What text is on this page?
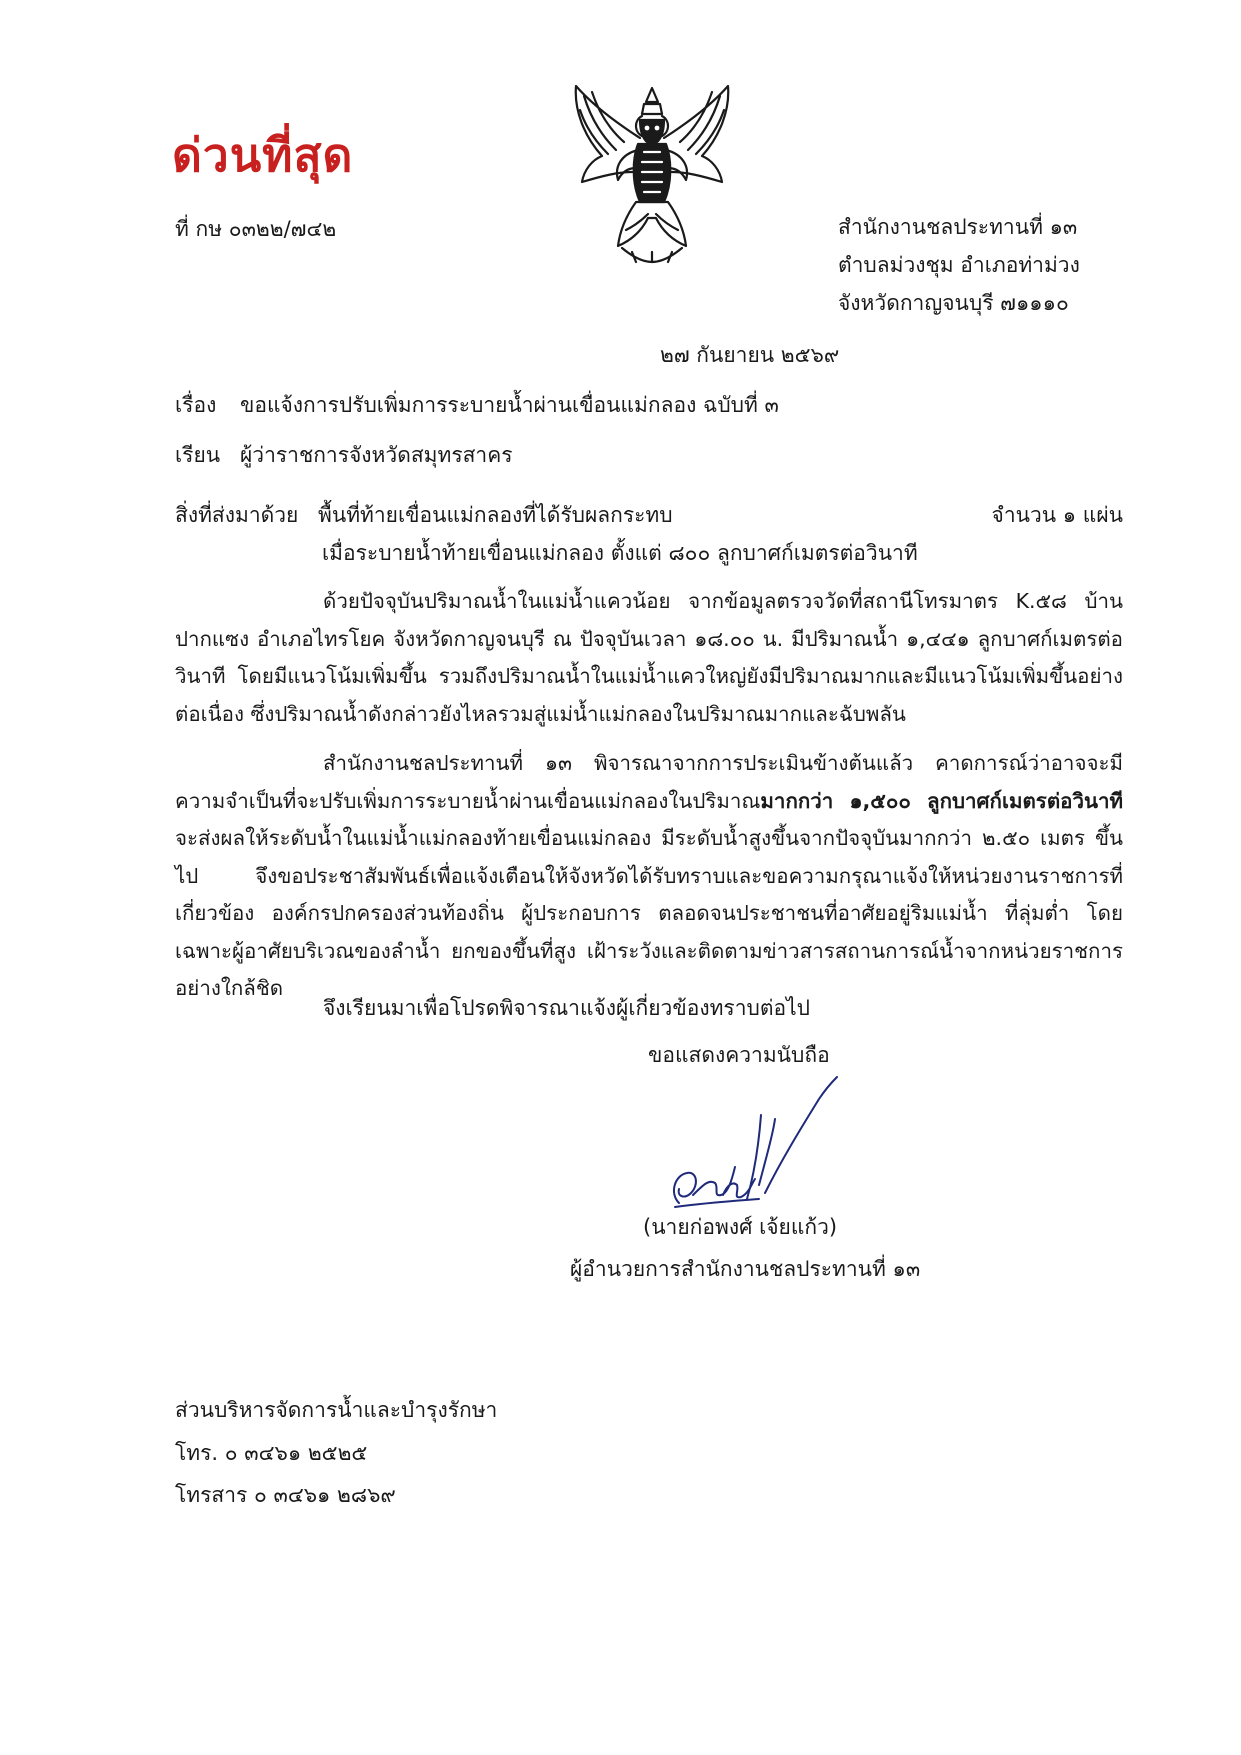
ด่วนที่สุด
ที่ กษ ๐๓๒๒/๗๔๒	สำนักงานชลประทานที่ ๑๓
ตำบลม่วงชุม อำเภอท่าม่วง
จังหวัดกาญจนบุรี ๗๑๑๑๐
๒๗ กันยายน ๒๕๖๙
เรื่อง ขอแจ้งการปรับเพิ่มการระบายน้ำผ่านเขื่อนแม่กลอง ฉบับที่ ๓
เรียน ผู้ว่าราชการจังหวัดสมุทรสาคร
สิ่งที่ส่งมาด้วย พื้นที่ท้ายเขื่อนแม่กลองที่ได้รับผลกระทบ	จำนวน ๑ แผ่น
เมื่อระบายน้ำท้ายเขื่อนแม่กลอง ตั้งแต่ ๘๐๐ ลูกบาศก์เมตรต่อวินาที

ด้วยปัจจุบันปริมาณน้ำในแม่น้ำแควน้อย จากข้อมูลตรวจวัดที่สถานีโทรมาตร K.๕๘ บ้านปากแซง อำเภอไทรโยค จังหวัดกาญจนบุรี ณ ปัจจุบันเวลา ๑๘.๐๐ น. มีปริมาณน้ำ ๑,๔๔๑ ลูกบาศก์เมตรต่อวินาที โดยมีแนวโน้มเพิ่มขึ้น รวมถึงปริมาณน้ำในแม่น้ำแควใหญ่ยังมีปริมาณมากและมีแนวโน้มเพิ่มขึ้นอย่างต่อเนื่อง ซึ่งปริมาณน้ำดังกล่าวยังไหลรวมสู่แม่น้ำแม่กลองในปริมาณมากและฉับพลัน

สำนักงานชลประทานที่ ๑๓ พิจารณาจากการประเมินข้างต้นแล้ว คาดการณ์ว่าอาจจะมีความจำเป็นที่จะปรับเพิ่มการระบายน้ำผ่านเขื่อนแม่กลองในปริมาณมากกว่า ๑,๕๐๐ ลูกบาศก์เมตรต่อวินาที จะส่งผลให้ระดับน้ำในแม่น้ำแม่กลองท้ายเขื่อนแม่กลอง มีระดับน้ำสูงขึ้นจากปัจจุบันมากกว่า ๒.๕๐ เมตร ขึ้นไป จึงขอประชาสัมพันธ์เพื่อแจ้งเตือนให้จังหวัดได้รับทราบและขอความกรุณาแจ้งให้หน่วยงานราชการที่เกี่ยวข้อง องค์กรปกครองส่วนท้องถิ่น ผู้ประกอบการ ตลอดจนประชาชนที่อาศัยอยู่ริมแม่น้ำ ที่ลุ่มต่ำ โดยเฉพาะผู้อาศัยบริเวณของลำน้ำ ยกของขึ้นที่สูง เฝ้าระวังและติดตามข่าวสารสถานการณ์น้ำจากหน่วยราชการอย่างใกล้ชิด

จึงเรียนมาเพื่อโปรดพิจารณาแจ้งผู้เกี่ยวข้องทราบต่อไป
ขอแสดงความนับถือ
(นายก่อพงศ์ เจ้ยแก้ว)
ผู้อำนวยการสำนักงานชลประทานที่ ๑๓
ส่วนบริหารจัดการน้ำและบำรุงรักษา
โทร. ๐ ๓๔๖๑ ๒๕๒๕
โทรสาร ๐ ๓๔๖๑ ๒๘๖๙
